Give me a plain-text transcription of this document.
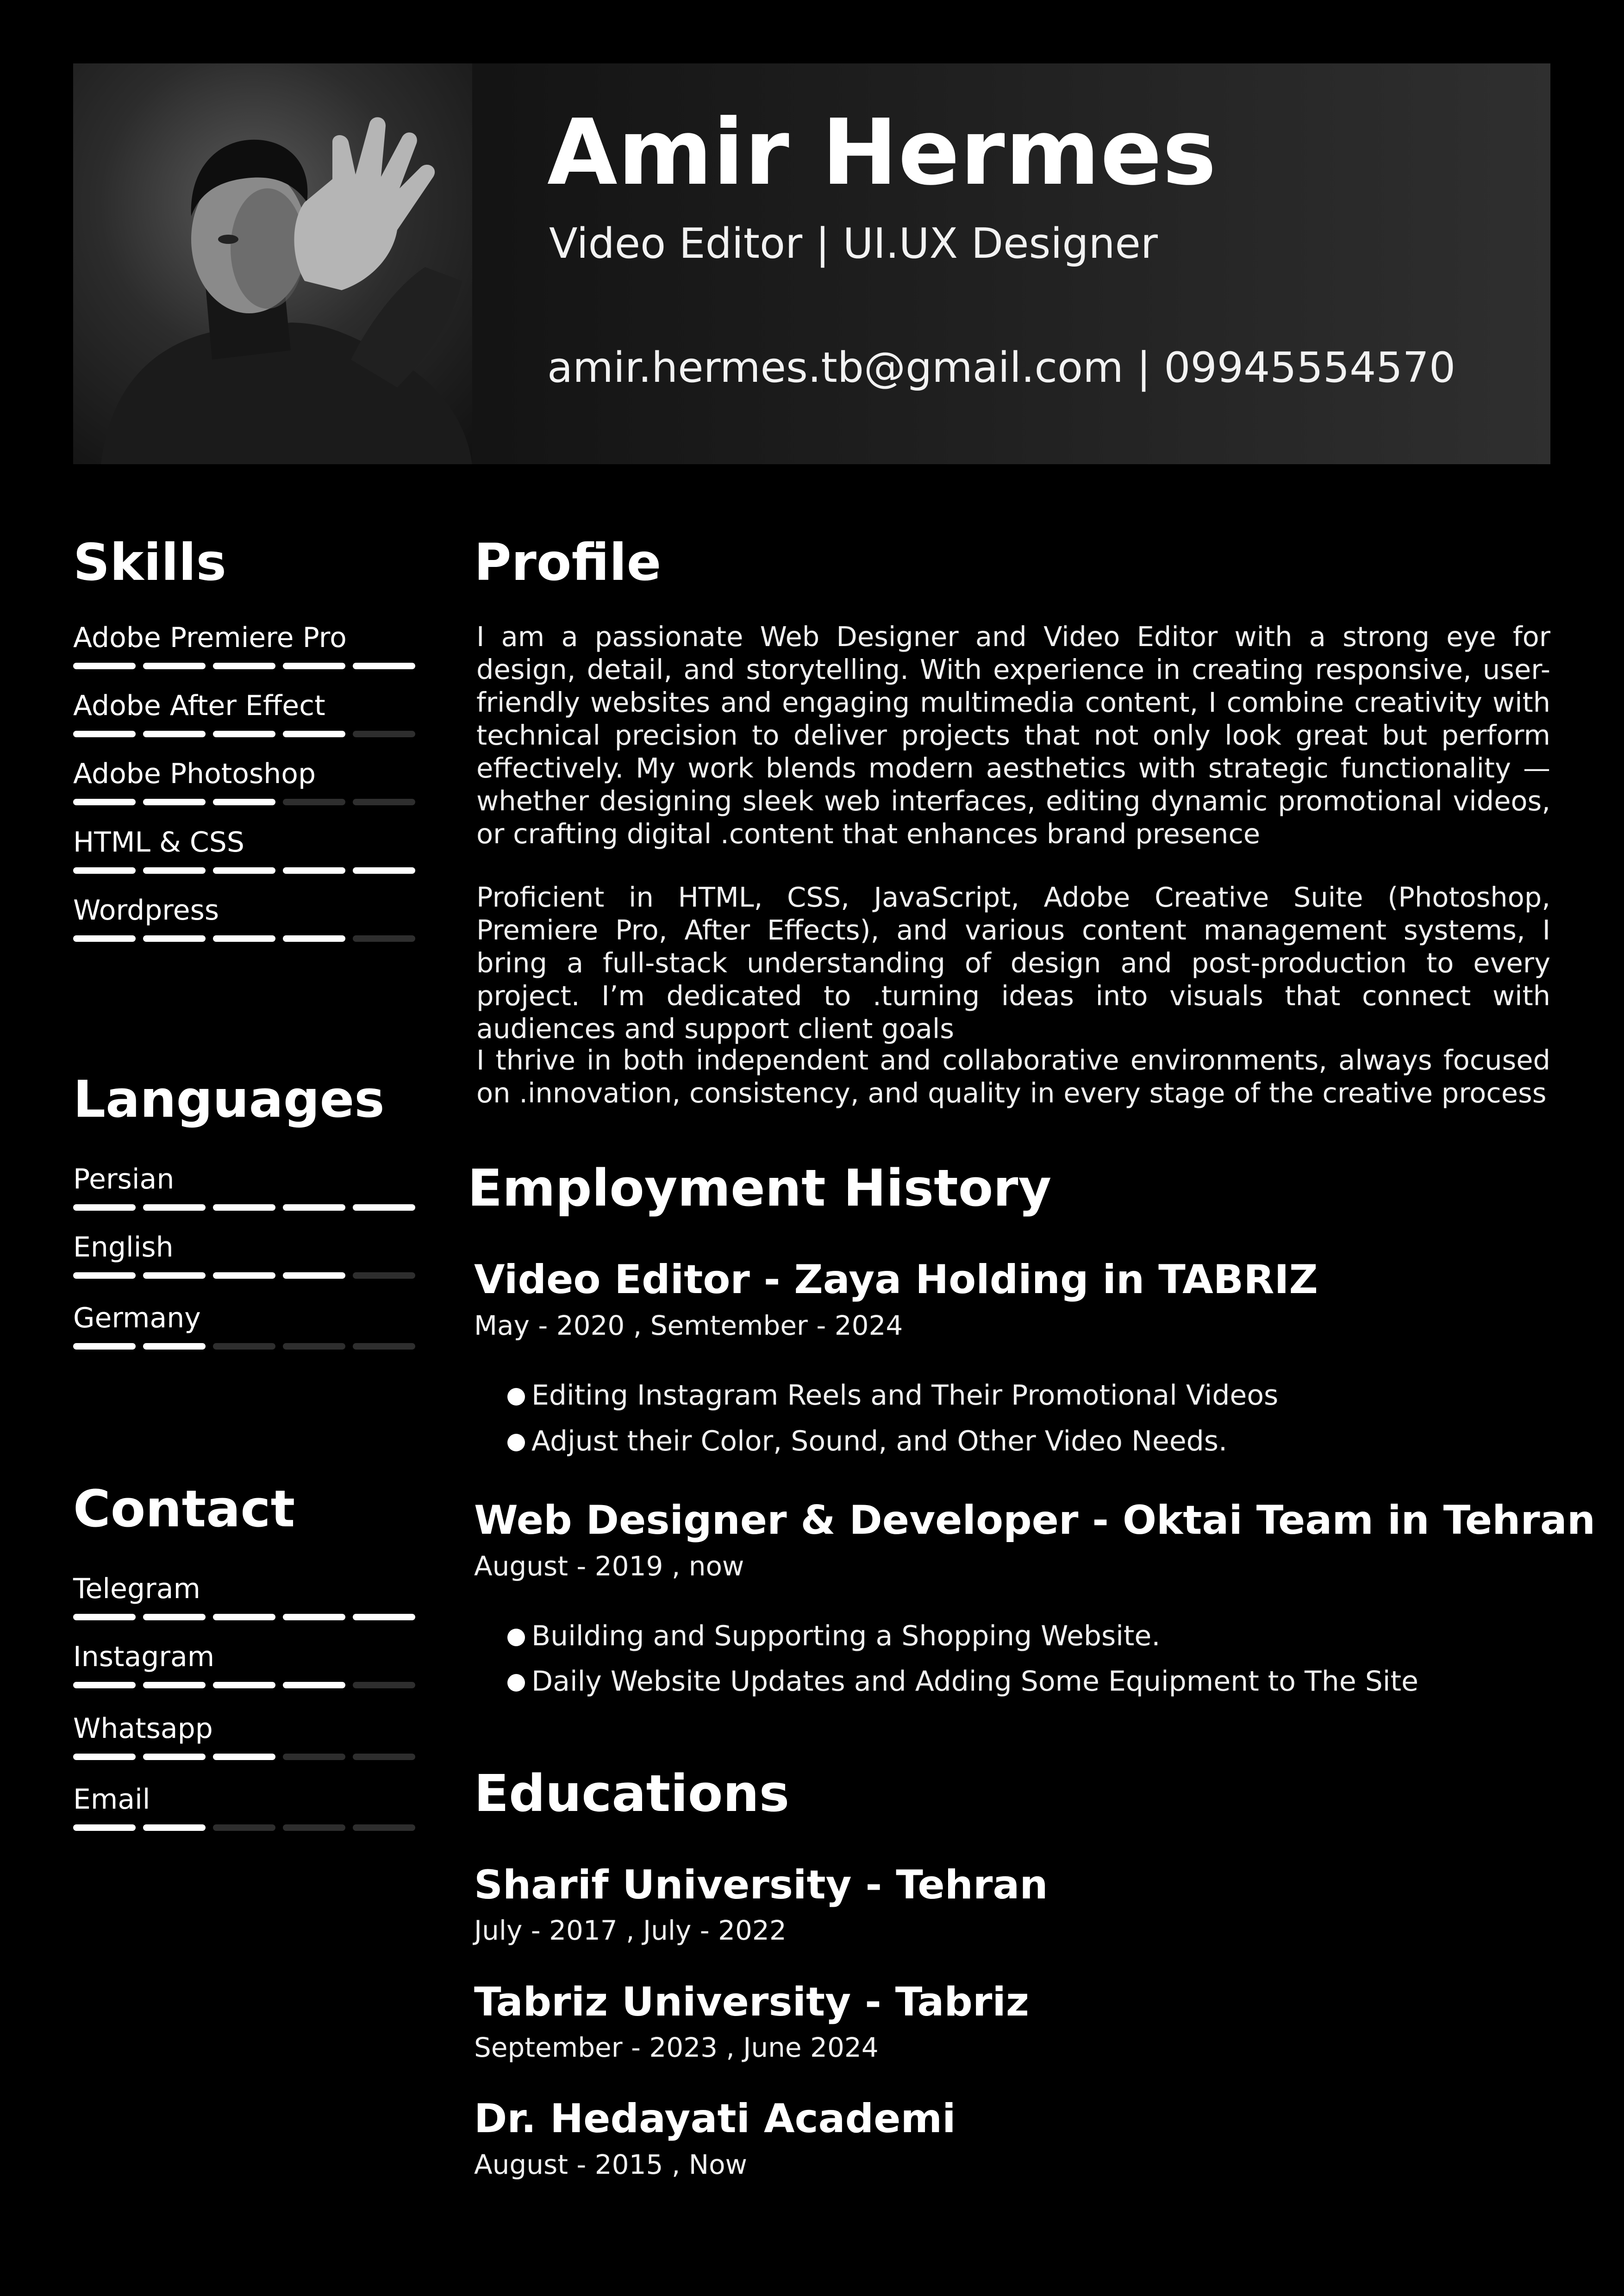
Amir Hermes
Video Editor | UI.UX Designer
amir.hermes.tb@gmail.com | 09945554570
Skills
Adobe Premiere Pro
Adobe After Effect
Adobe Photoshop
HTML & CSS
Wordpress
Languages
Persian
English
Germany
Contact
Telegram
Instagram
Whatsapp
Email
Profile

I am a passionate Web Designer and Video Editor with a strong eye for design, detail, and storytelling. With experience in creating responsive, user-friendly websites and engaging multimedia content, I combine creativity with technical precision to deliver projects that not only look great but perform effectively. My work blends modern aesthetics with strategic functionality — whether designing sleek web interfaces, editing dynamic promotional videos, or crafting digital .content that enhances brand presence

Proficient in HTML, CSS, JavaScript, Adobe Creative Suite (Photoshop, Premiere Pro, After Effects), and various content management systems, I bring a full-stack understanding of design and post-production to every project. I’m dedicated to .turning ideas into visuals that connect with audiences and support client goals

I thrive in both independent and collaborative environments, always focused on .innovation, consistency, and quality in every stage of the creative process

Employment History
Video Editor - Zaya Holding in TABRIZ
May - 2020 , Semtember - 2024
Editing Instagram Reels and Their Promotional Videos
Adjust their Color, Sound, and Other Video Needs.
Web Designer & Developer - Oktai Team in Tehran
August - 2019 , now
Building and Supporting a Shopping Website.
Daily Website Updates and Adding Some Equipment to The Site
Educations
Sharif University - Tehran
July - 2017 , July - 2022
Tabriz University - Tabriz
September - 2023 , June 2024
Dr. Hedayati Academi
August - 2015 , Now
